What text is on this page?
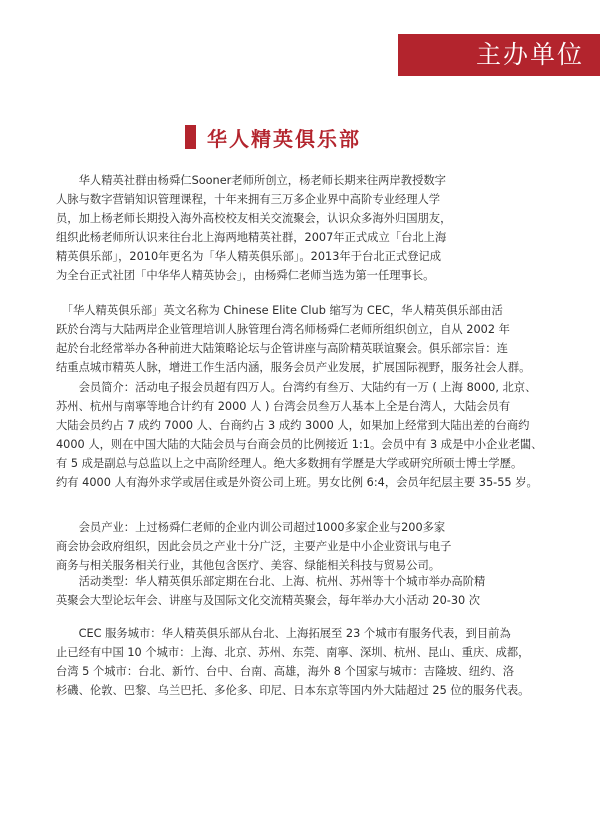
主办单位
华人精英俱乐部

　　华人精英社群由杨舜仁Sooner老师所创立，杨老师长期来往两岸教授数字
人脉与数字营销知识管理课程，十年来拥有三万多企业界中高阶专业经理人学
员，加上杨老师长期投入海外高校校友相关交流聚会，认识众多海外归国朋友，
组织此杨老师所认识来往台北上海两地精英社群，2007年正式成立「台北上海
精英俱乐部」，2010年更名为「华人精英俱乐部」。2013年于台北正式登记成
为全台正式社团「中华华人精英协会」，由杨舜仁老师当选为第一任理事长。

　「华人精英俱乐部」英文名称为 Chinese Elite Club 缩写为 CEC，华人精英俱乐部由活
跃於台湾与大陆两岸企业管理培训人脉管理台湾名师杨舜仁老师所组织创立，自从 2002 年
起於台北经常举办各种前进大陆策略论坛与企管讲座与高阶精英联谊聚会。俱乐部宗旨：连
结重点城市精英人脉，增进工作生活内涵，服务会员产业发展，扩展国际视野，服务社会人群。

　　会员简介：活动电子报会员超有四万人。台湾约有叁万、大陆约有一万 ( 上海 8000, 北京、
苏州、杭州与南寧等地合计约有 2000 人 ) 台湾会员叁万人基本上全是台湾人，大陆会员有
大陆会员约占 7 成约 7000 人、台商约占 3 成约 3000 人，如果加上经常到大陆出差的台商约
4000 人，则在中国大陆的大陆会员与台商会员的比例接近 1:1。会员中有 3 成是中小企业老闆、
有 5 成是副总与总监以上之中高阶经理人。绝大多数拥有学歷是大学或研究所硕士博士学歷。
约有 4000 人有海外求学或居住或是外资公司上班。男女比例 6:4，会员年纪层主要 35-55 岁。

　　会员产业：上过杨舜仁老师的企业内训公司超过1000多家企业与200多家
商会协会政府组织，因此会员之产业十分广泛，主要产业是中小企业资讯与电子
商务与相关服务相关行业，其他包含医疗、美容、绿能相关科技与贸易公司。

　　活动类型：华人精英俱乐部定期在台北、上海、杭州、苏州等十个城市举办高阶精
英聚会大型论坛年会、讲座与及国际文化交流精英聚会，每年举办大小活动 20-30 次

　　CEC 服务城市：华人精英俱乐部从台北、上海拓展至 23 个城市有服务代表，到目前為
止已经有中国 10 个城市：上海、北京、苏州、东莞、南寧、深圳、杭州、昆山、重庆、成都，
台湾 5 个城市：台北、新竹、台中、台南、高雄，海外 8 个国家与城市：吉隆坡、纽约、洛
杉磯、伦敦、巴黎、乌兰巴托、多伦多、印尼、日本东京等国内外大陆超过 25 位的服务代表。
